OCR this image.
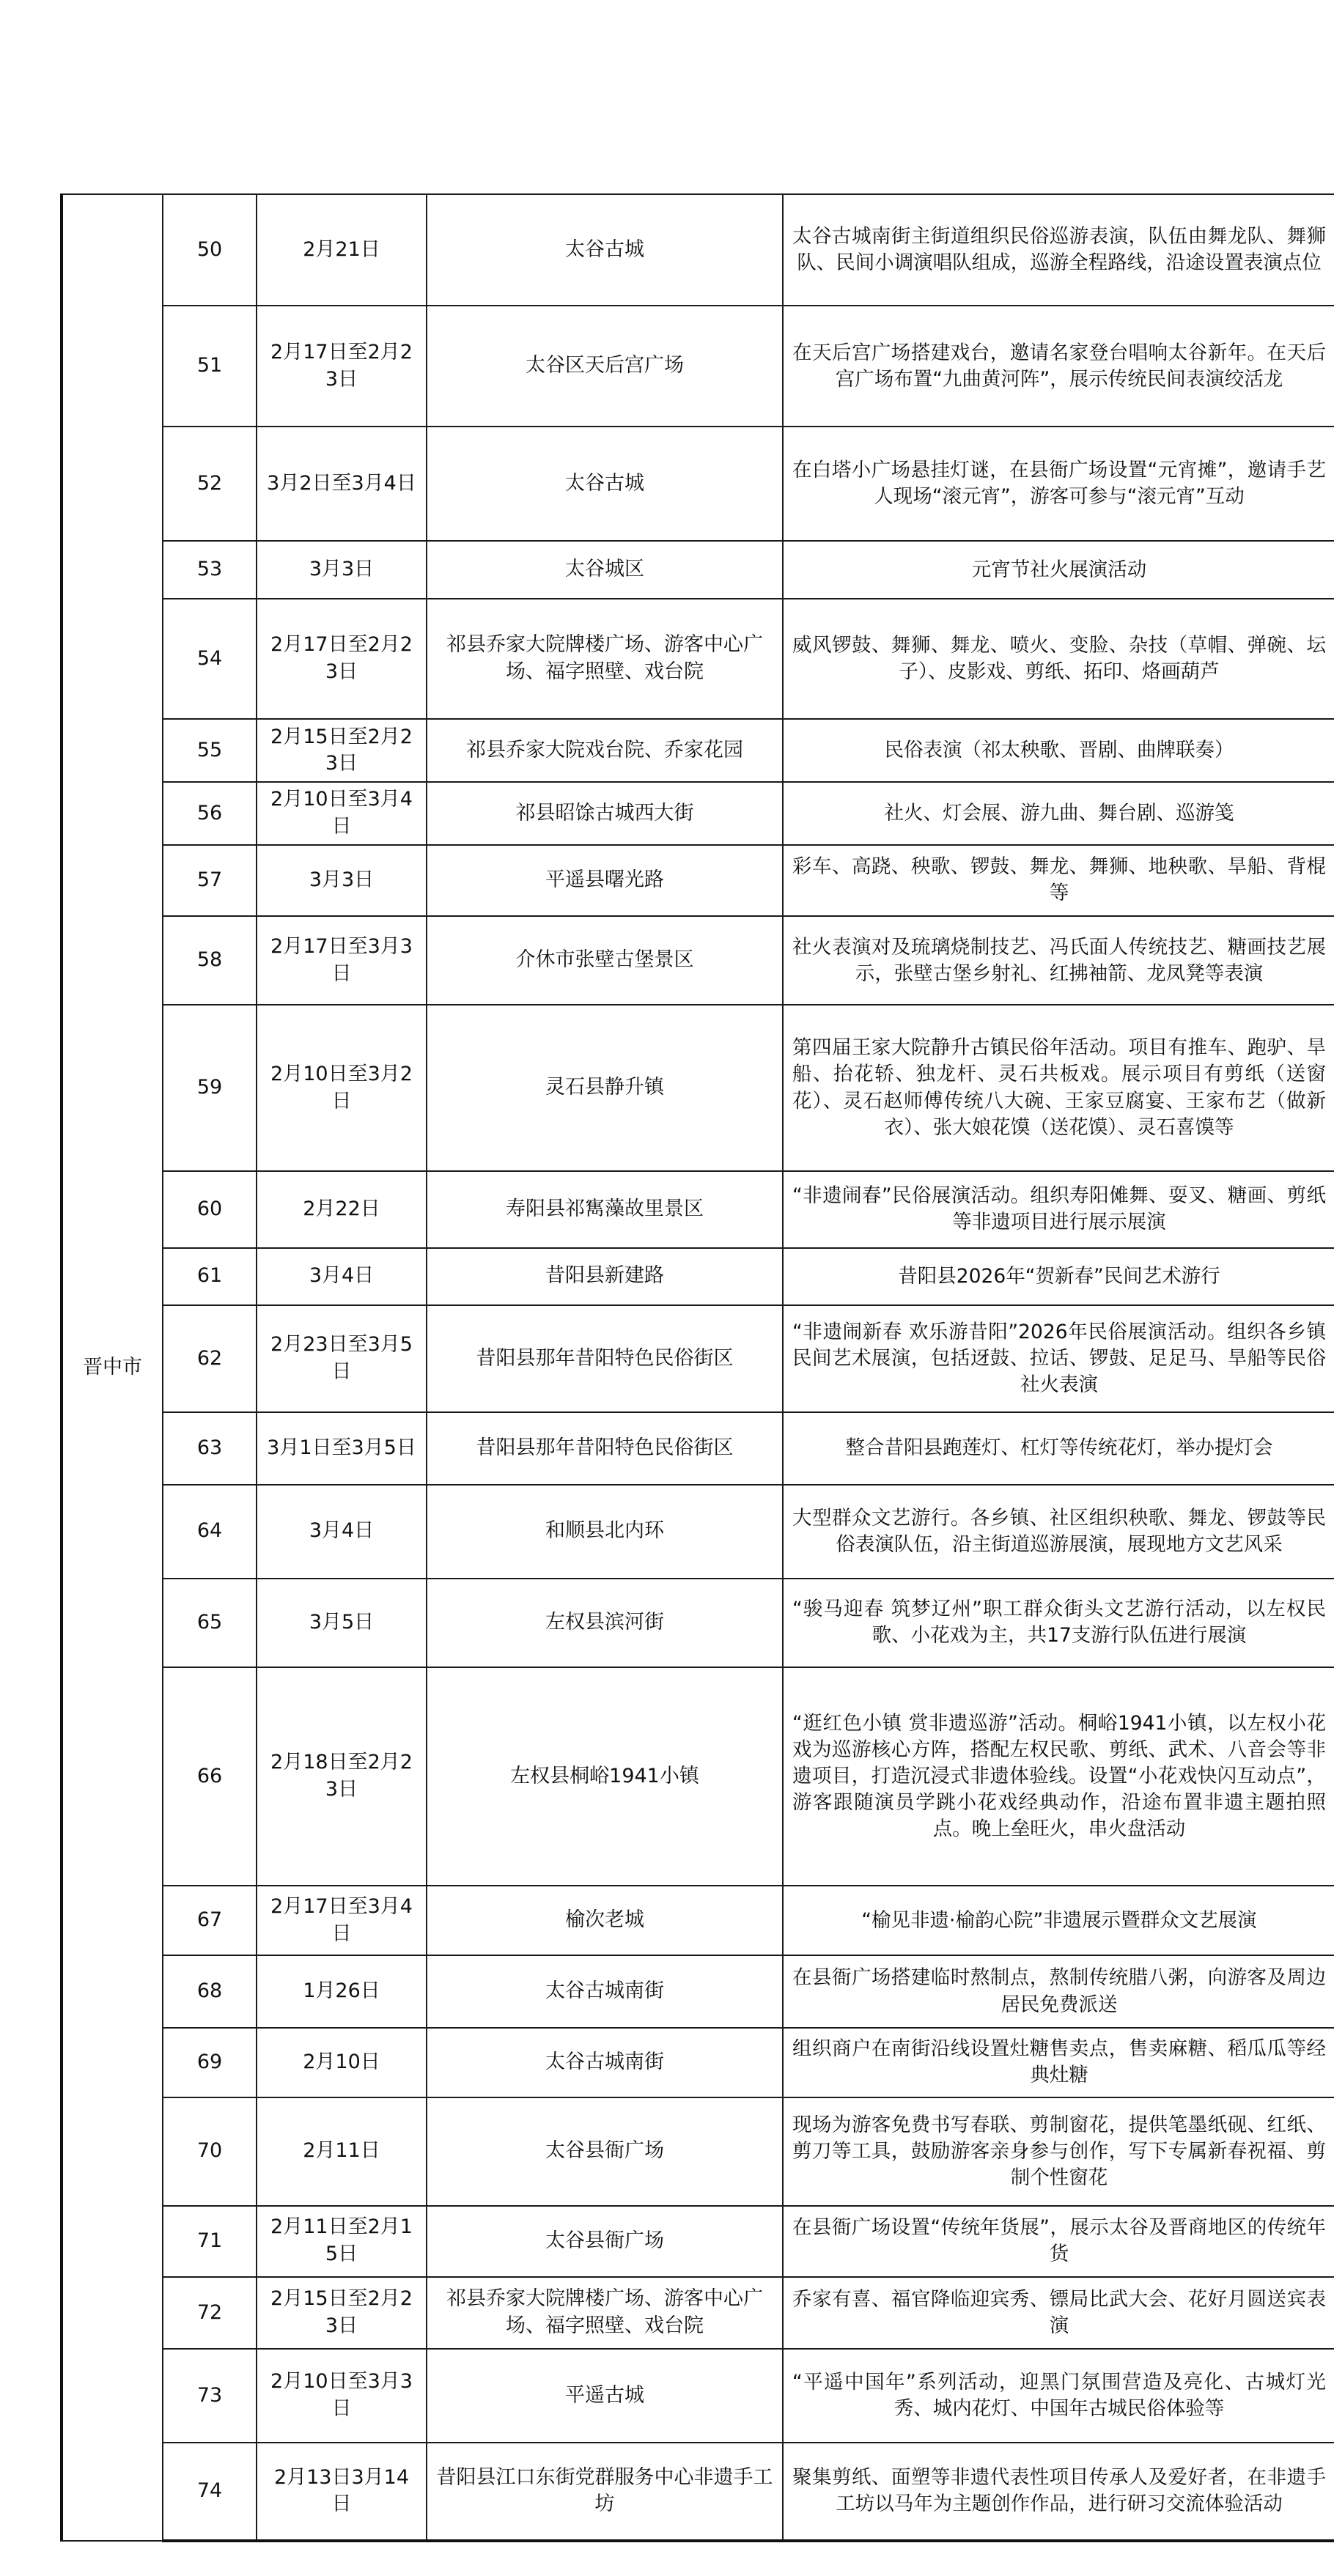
晋中市	50	2月21日	太谷古城	太谷古城南街主街道组织民俗巡游表演，队伍由舞龙队、舞狮队、民间小调演唱队组成，巡游全程路线，沿途设置表演点位
	51	2月17日至2月23日	太谷区天后宫广场	在天后宫广场搭建戏台，邀请名家登台唱响太谷新年。在天后宫广场布置“九曲黄河阵”，展示传统民间表演绞活龙
	52	3月2日至3月4日	太谷古城	在白塔小广场悬挂灯谜，在县衙广场设置“元宵摊”，邀请手艺人现场“滚元宵”，游客可参与“滚元宵”互动
	53	3月3日	太谷城区	元宵节社火展演活动
	54	2月17日至2月23日	祁县乔家大院牌楼广场、游客中心广场、福字照壁、戏台院	威风锣鼓、舞狮、舞龙、喷火、变脸、杂技（草帽、弹碗、坛子）、皮影戏、剪纸、拓印、烙画葫芦
	55	2月15日至2月23日	祁县乔家大院戏台院、乔家花园	民俗表演（祁太秧歌、晋剧、曲牌联奏）
	56	2月10日至3月4日	祁县昭馀古城西大街	社火、灯会展、游九曲、舞台剧、巡游笺
	57	3月3日	平遥县曙光路	彩车、高跷、秧歌、锣鼓、舞龙、舞狮、地秧歌、旱船、背棍等
	58	2月17日至3月3日	介休市张壁古堡景区	社火表演对及琉璃烧制技艺、冯氏面人传统技艺、糖画技艺展示，张壁古堡乡射礼、红拂袖箭、龙凤凳等表演
	59	2月10日至3月2日	灵石县静升镇	第四届王家大院静升古镇民俗年活动。项目有推车、跑驴、旱船、抬花轿、独龙杆、灵石共板戏。展示项目有剪纸（送窗花）、灵石赵师傅传统八大碗、王家豆腐宴、王家布艺（做新衣）、张大娘花馍（送花馍）、灵石喜馍等
	60	2月22日	寿阳县祁寯藻故里景区	“非遗闹春”民俗展演活动。组织寿阳傩舞、耍叉、糖画、剪纸等非遗项目进行展示展演
	61	3月4日	昔阳县新建路	昔阳县2026年“贺新春”民间艺术游行
	62	2月23日至3月5日	昔阳县那年昔阳特色民俗街区	“非遗闹新春 欢乐游昔阳”2026年民俗展演活动。组织各乡镇民间艺术展演，包括迓鼓、拉话、锣鼓、足足马、旱船等民俗社火表演
	63	3月1日至3月5日	昔阳县那年昔阳特色民俗街区	整合昔阳县跑莲灯、杠灯等传统花灯，举办提灯会
	64	3月4日	和顺县北内环	大型群众文艺游行。各乡镇、社区组织秧歌、舞龙、锣鼓等民俗表演队伍，沿主街道巡游展演，展现地方文艺风采
	65	3月5日	左权县滨河街	“骏马迎春 筑梦辽州”职工群众街头文艺游行活动，以左权民歌、小花戏为主，共17支游行队伍进行展演
	66	2月18日至2月23日	左权县桐峪1941小镇	“逛红色小镇 赏非遗巡游”活动。桐峪1941小镇，以左权小花戏为巡游核心方阵，搭配左权民歌、剪纸、武术、八音会等非遗项目，打造沉浸式非遗体验线。设置“小花戏快闪互动点”，游客跟随演员学跳小花戏经典动作，沿途布置非遗主题拍照点。晚上垒旺火，串火盘活动
	67	2月17日至3月4日	榆次老城	“榆见非遗·榆韵心院”非遗展示暨群众文艺展演
	68	1月26日	太谷古城南街	在县衙广场搭建临时熬制点，熬制传统腊八粥，向游客及周边居民免费派送
	69	2月10日	太谷古城南街	组织商户在南街沿线设置灶糖售卖点，售卖麻糖、稻瓜瓜等经典灶糖
	70	2月11日	太谷县衙广场	现场为游客免费书写春联、剪制窗花，提供笔墨纸砚、红纸、剪刀等工具，鼓励游客亲身参与创作，写下专属新春祝福、剪制个性窗花
	71	2月11日至2月15日	太谷县衙广场	在县衙广场设置“传统年货展”，展示太谷及晋商地区的传统年货
	72	2月15日至2月23日	祁县乔家大院牌楼广场、游客中心广场、福字照壁、戏台院	乔家有喜、福官降临迎宾秀、镖局比武大会、花好月圆送宾表演
	73	2月10日至3月3日	平遥古城	“平遥中国年”系列活动，迎黑门氛围营造及亮化、古城灯光秀、城内花灯、中国年古城民俗体验等
	74	2月13日3月14日	昔阳县江口东街党群服务中心非遗手工坊	聚集剪纸、面塑等非遗代表性项目传承人及爱好者，在非遗手工坊以马年为主题创作作品，进行研习交流体验活动
